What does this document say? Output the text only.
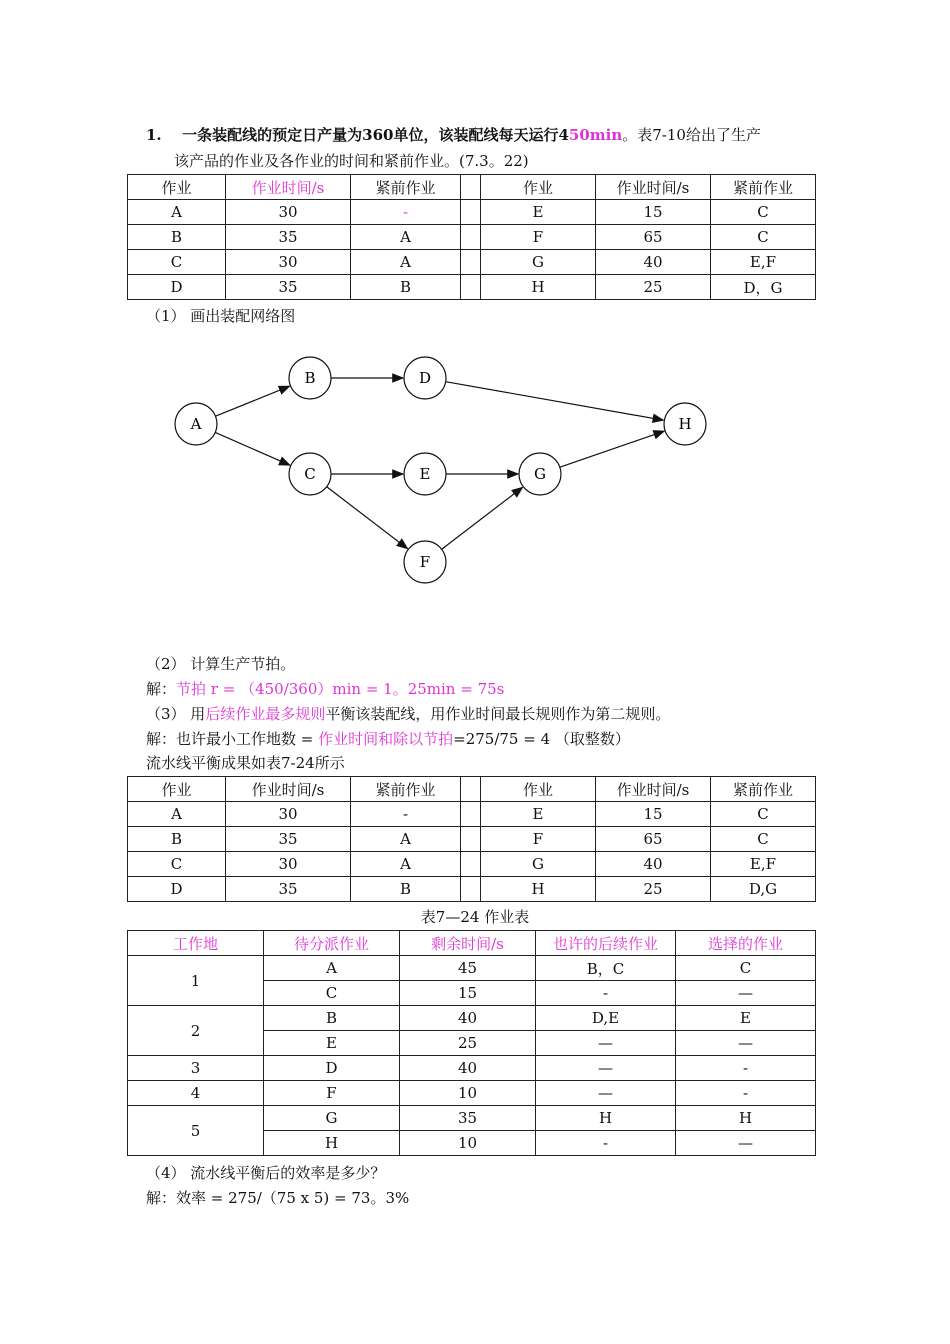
1. 一条装配线的预定日产量为360单位，该装配线每天运行450min。表7-10给出了生产
该产品的作业及各作业的时间和紧前作业。(7.3。22)
作业	作业时间/s	紧前作业		作业	作业时间/s	紧前作业
A	30	-		E	15	C
B	35	A		F	65	C
C	30	A		G	40	E,F
D	35	B		H	25	D，G
（1） 画出装配网络图
A
B
C
D
E
F
G
H
（2） 计算生产节拍。
解：节拍 r = （450/360）min = 1。25min = 75s
（3） 用后续作业最多规则平衡该装配线，用作业时间最长规则作为第二规则。
解：也许最小工作地数 = 作业时间和除以节拍=275/75 = 4 （取整数）
流水线平衡成果如表7-24所示
作业	作业时间/s	紧前作业		作业	作业时间/s	紧前作业
A	30	-		E	15	C
B	35	A		F	65	C
C	30	A		G	40	E,F
D	35	B		H	25	D,G
表7—24 作业表
工作地	待分派作业	剩余时间/s	也许的后续作业	选择的作业
1	A	45	B，C	C
	C	15	-	—
2	B	40	D,E	E
	E	25	—	—
3	D	40	—	-
4	F	10	—	-
5	G	35	H	H
	H	10	-	—
（4） 流水线平衡后的效率是多少？
解：效率 = 275/（75 x 5) = 73。3%
